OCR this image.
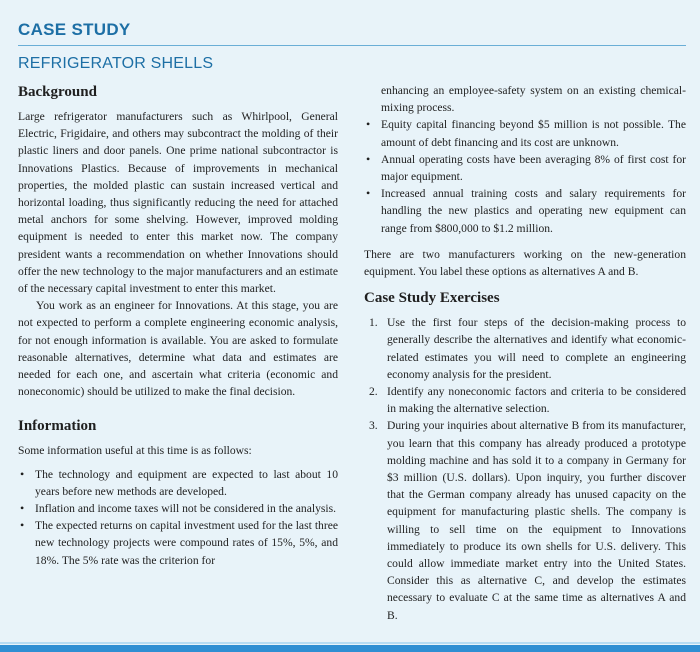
CASE STUDY
REFRIGERATOR SHELLS
Background

Large refrigerator manufacturers such as Whirlpool, General Electric, Frigidaire, and others may subcontract the molding of their plastic liners and door panels. One prime national subcontractor is Innovations Plastics. Because of improvements in mechanical properties, the molded plastic can sustain increased vertical and horizontal loading, thus significantly reducing the need for attached metal anchors for some shelving. However, improved molding equipment is needed to enter this market now. The company president wants a recommendation on whether Innovations should offer the new technology to the major manufacturers and an estimate of the necessary capital investment to enter this market.

You work as an engineer for Innovations. At this stage, you are not expected to perform a complete engineering economic analysis, for not enough information is available. You are asked to formulate reasonable alternatives, determine what data and estimates are needed for each one, and ascertain what criteria (economic and noneconomic) should be utilized to make the final decision.

Information

Some information useful at this time is as follows:

• The technology and equipment are expected to last about 10 years before new methods are developed.
• Inflation and income taxes will not be considered in the analysis.
• The expected returns on capital investment used for the last three new technology projects were compound rates of 15%, 5%, and 18%. The 5% rate was the criterion for

enhancing an employee-safety system on an existing chemical-mixing process.

• Equity capital financing beyond $5 million is not possible. The amount of debt financing and its cost are unknown.
• Annual operating costs have been averaging 8% of first cost for major equipment.
• Increased annual training costs and salary requirements for handling the new plastics and operating new equipment can range from $800,000 to $1.2 million.

There are two manufacturers working on the new-generation equipment. You label these options as alternatives A and B.

Case Study Exercises
1. Use the first four steps of the decision-making process to generally describe the alternatives and identify what economic-related estimates you will need to complete an engineering economy analysis for the president.
2. Identify any noneconomic factors and criteria to be considered in making the alternative selection.
3. During your inquiries about alternative B from its manufacturer, you learn that this company has already produced a prototype molding machine and has sold it to a company in Germany for $3 million (U.S. dollars). Upon inquiry, you further discover that the German company already has unused capacity on the equipment for manufacturing plastic shells. The company is willing to sell time on the equipment to Innovations immediately to produce its own shells for U.S. delivery. This could allow immediate market entry into the United States. Consider this as alternative C, and develop the estimates necessary to evaluate C at the same time as alternatives A and B.
